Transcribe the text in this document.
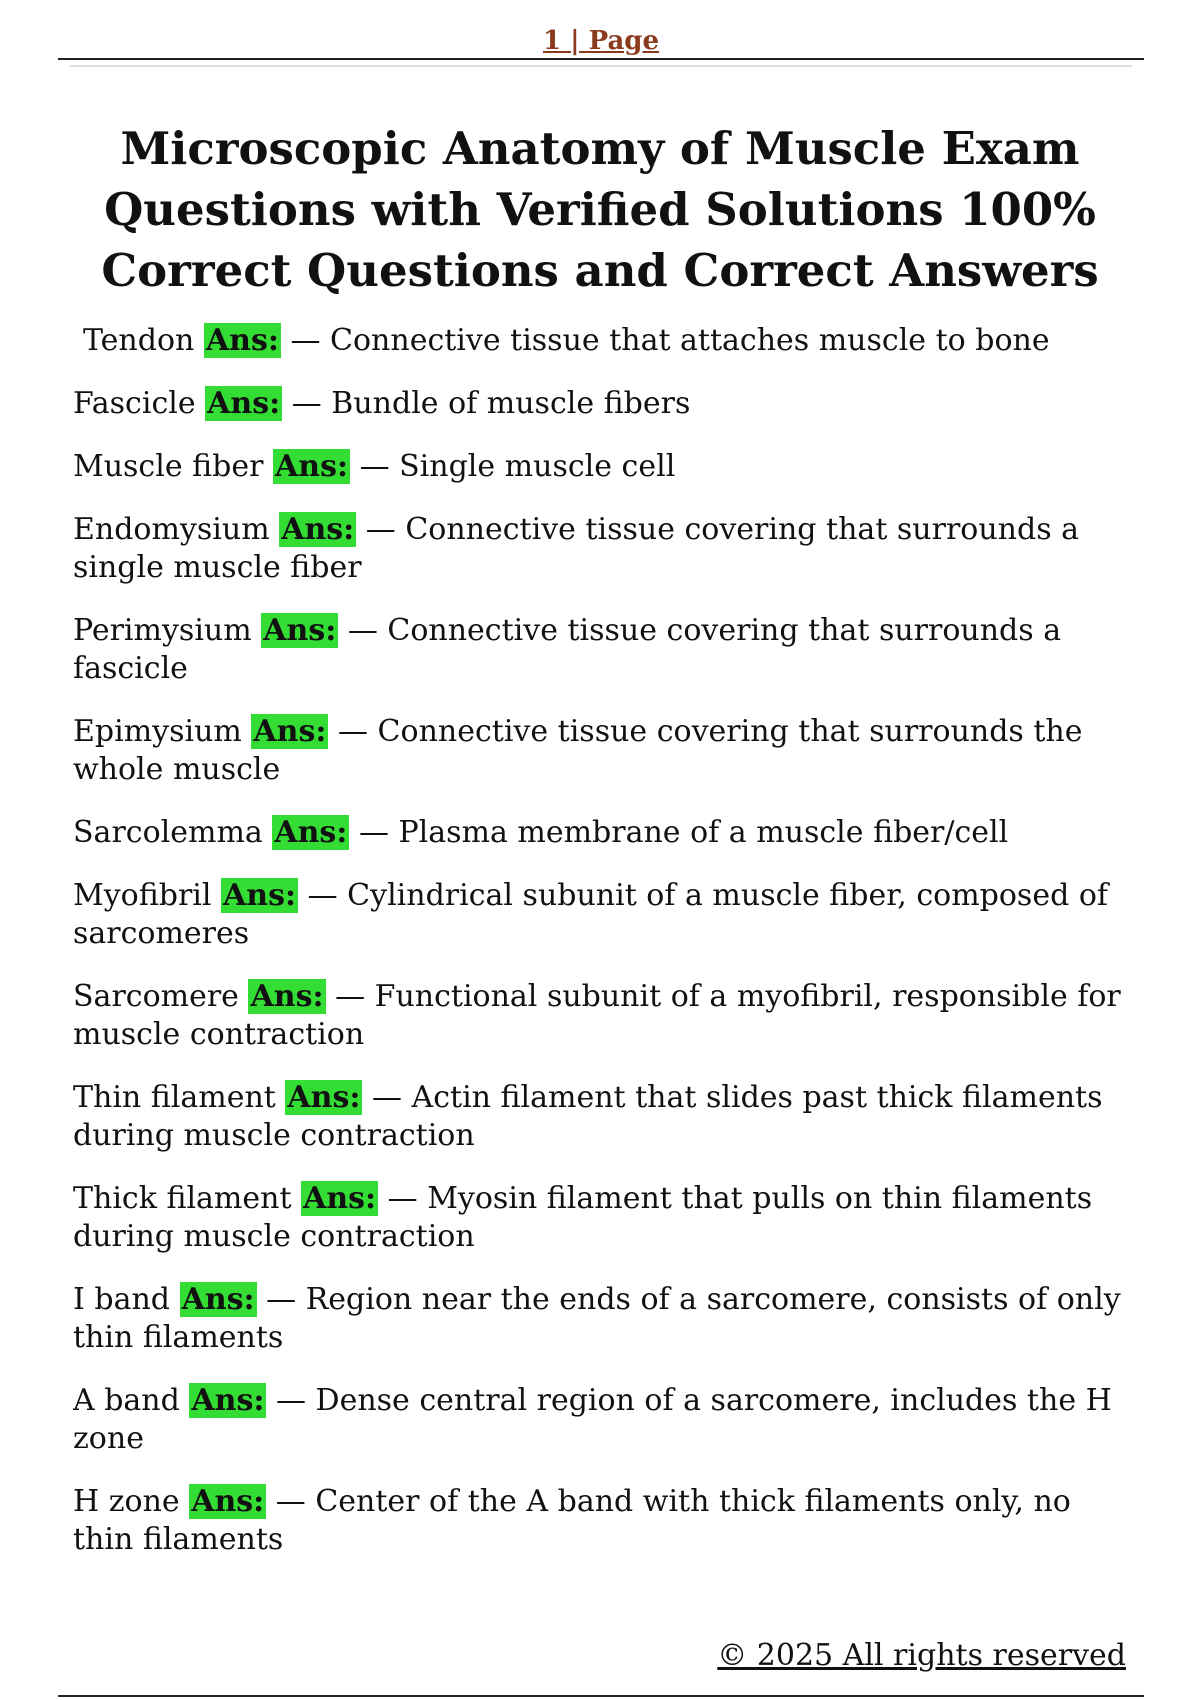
1 | Page
Microscopic Anatomy of Muscle Exam Questions with Verified Solutions 100% Correct Questions and Correct Answers

Tendon Ans: — Connective tissue that attaches muscle to bone

Fascicle Ans: — Bundle of muscle fibers

Muscle fiber Ans: — Single muscle cell

Endomysium Ans: — Connective tissue covering that surrounds a single muscle fiber

Perimysium Ans: — Connective tissue covering that surrounds a fascicle

Epimysium Ans: — Connective tissue covering that surrounds the whole muscle

Sarcolemma Ans: — Plasma membrane of a muscle fiber/cell

Myofibril Ans: — Cylindrical subunit of a muscle fiber, composed of sarcomeres

Sarcomere Ans: — Functional subunit of a myofibril, responsible for muscle contraction

Thin filament Ans: — Actin filament that slides past thick filaments during muscle contraction

Thick filament Ans: — Myosin filament that pulls on thin filaments during muscle contraction

I band Ans: — Region near the ends of a sarcomere, consists of only thin filaments

A band Ans: — Dense central region of a sarcomere, includes the H zone

H zone Ans: — Center of the A band with thick filaments only, no thin filaments

© 2025 All rights reserved
